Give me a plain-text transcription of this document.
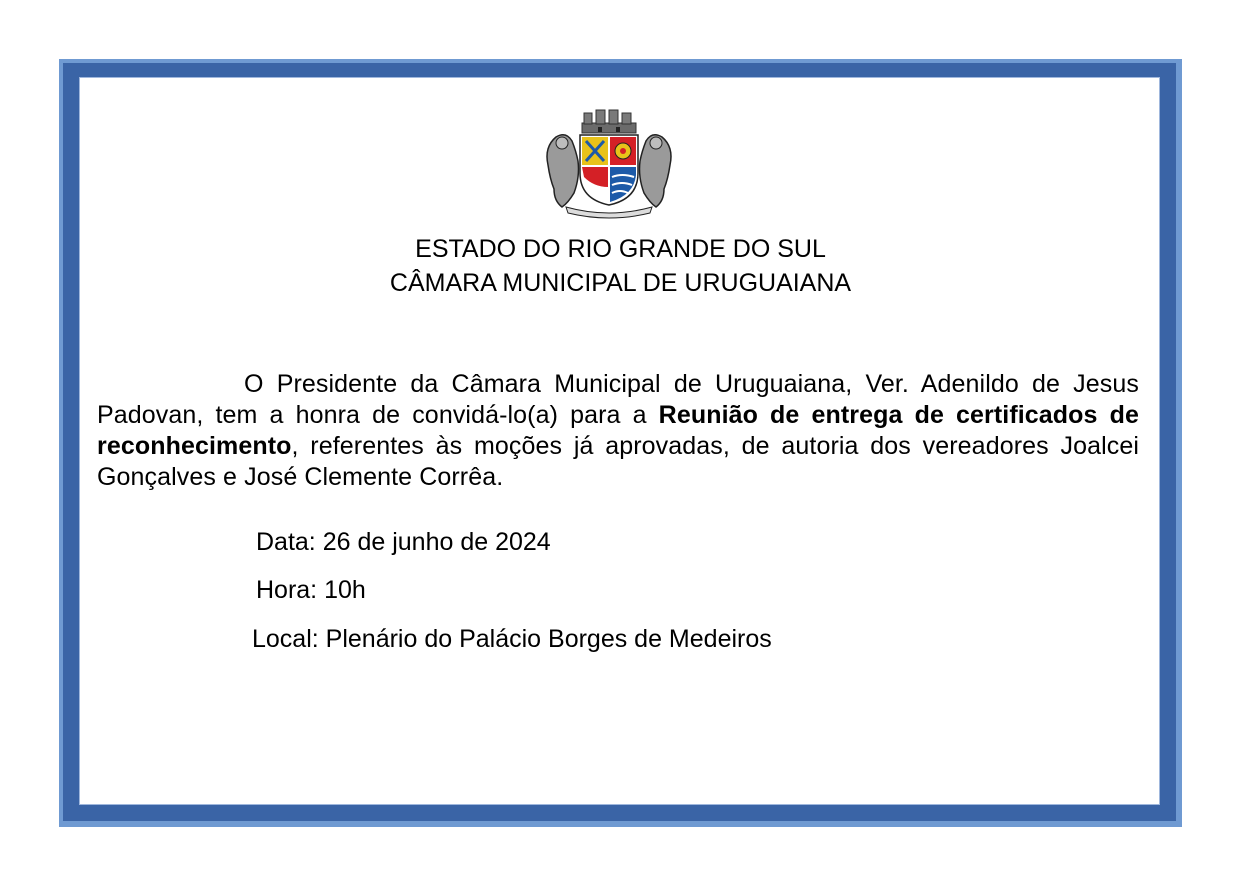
ESTADO DO RIO GRANDE DO SUL
CÂMARA MUNICIPAL DE URUGUAIANA
O Presidente da Câmara Municipal de Uruguaiana, Ver. Adenildo de Jesus Padovan, tem a honra de convidá-lo(a) para a Reunião de entrega de certificados de reconhecimento, referentes às moções já aprovadas, de autoria dos vereadores Joalcei Gonçalves e José Clemente Corrêa.
Data: 26 de junho de 2024
Hora: 10h
Local: Plenário do Palácio Borges de Medeiros
